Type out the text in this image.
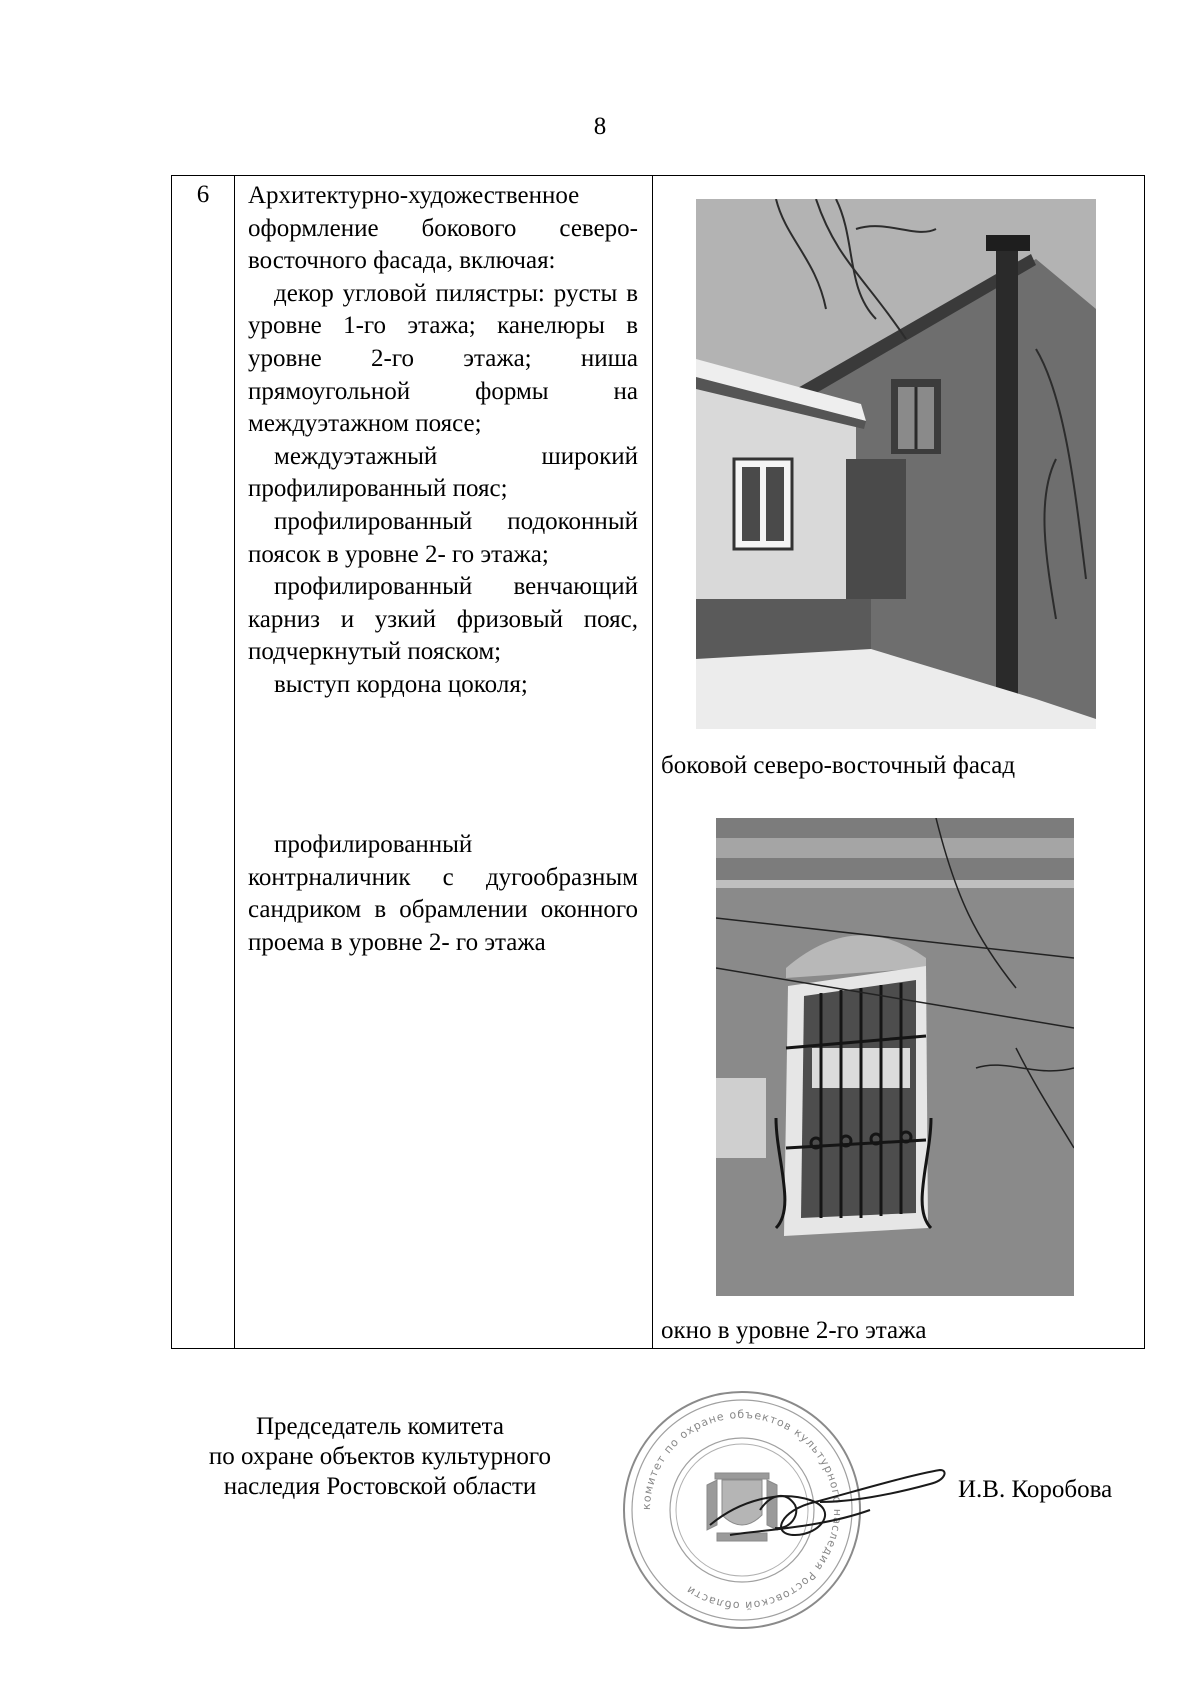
8
6	Архитектурно-художественное оформление бокового северо-восточного фасада, включая:

декор угловой пилястры: русты в уровне 1-го этажа; канелюры в уровне 2-го этажа; ниша прямоугольной формы на междуэтажном поясе;

междуэтажный широкий профилированный пояс;

профилированный подоконный поясок в уровне 2- го этажа;

профилированный венчающий карниз и узкий фризовый пояс, подчеркнутый пояском;

выступ кордона цоколя;

профилированный контрналичник с дугообразным сандриком в обрамлении оконного проема в уровне 2- го этажа

боковой северо-восточный фасад
окно в уровне 2-го этажа
Председатель комитета
по охране объектов культурного
наследия Ростовской области
комитет по охране объектов культурного наследия Ростовской области
И.В. Коробова
